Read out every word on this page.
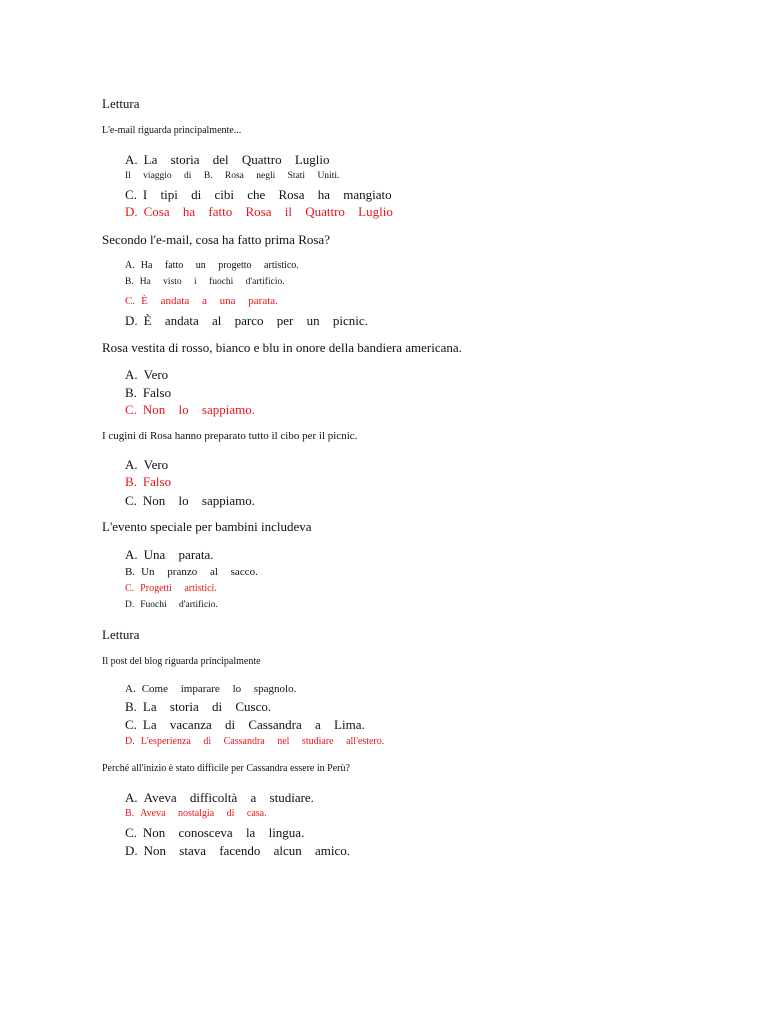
Lettura
L'e-mail riguarda principalmente...
A. La storia del Quattro Luglio
Il viaggio di B. Rosa negli Stati Uniti.
C. I tipi di cibi che Rosa ha mangiato
D. Cosa ha fatto Rosa il Quattro Luglio
Secondo l'e-mail, cosa ha fatto prima Rosa?
A. Ha fatto un progetto artistico.
B. Ha visto i fuochi d'artificio.
C. È andata a una parata.
D. È andata al parco per un picnic.
Rosa vestita di rosso, bianco e blu in onore della bandiera americana.
A. Vero
B. Falso
C. Non lo sappiamo.
I cugini di Rosa hanno preparato tutto il cibo per il picnic.
A. Vero
B. Falso
C. Non lo sappiamo.
L'evento speciale per bambini includeva
A. Una parata.
B. Un pranzo al sacco.
C. Progetti artistici.
D. Fuochi d'artificio.
Lettura
Il post del blog riguarda principalmente
A. Come imparare lo spagnolo.
B. La storia di Cusco.
C. La vacanza di Cassandra a Lima.
D. L'esperienza di Cassandra nel studiare all'estero.
Perché all'inizio è stato difficile per Cassandra essere in Perù?
A. Aveva difficoltà a studiare.
B. Aveva nostalgia di casa.
C. Non conosceva la lingua.
D. Non stava facendo alcun amico.
